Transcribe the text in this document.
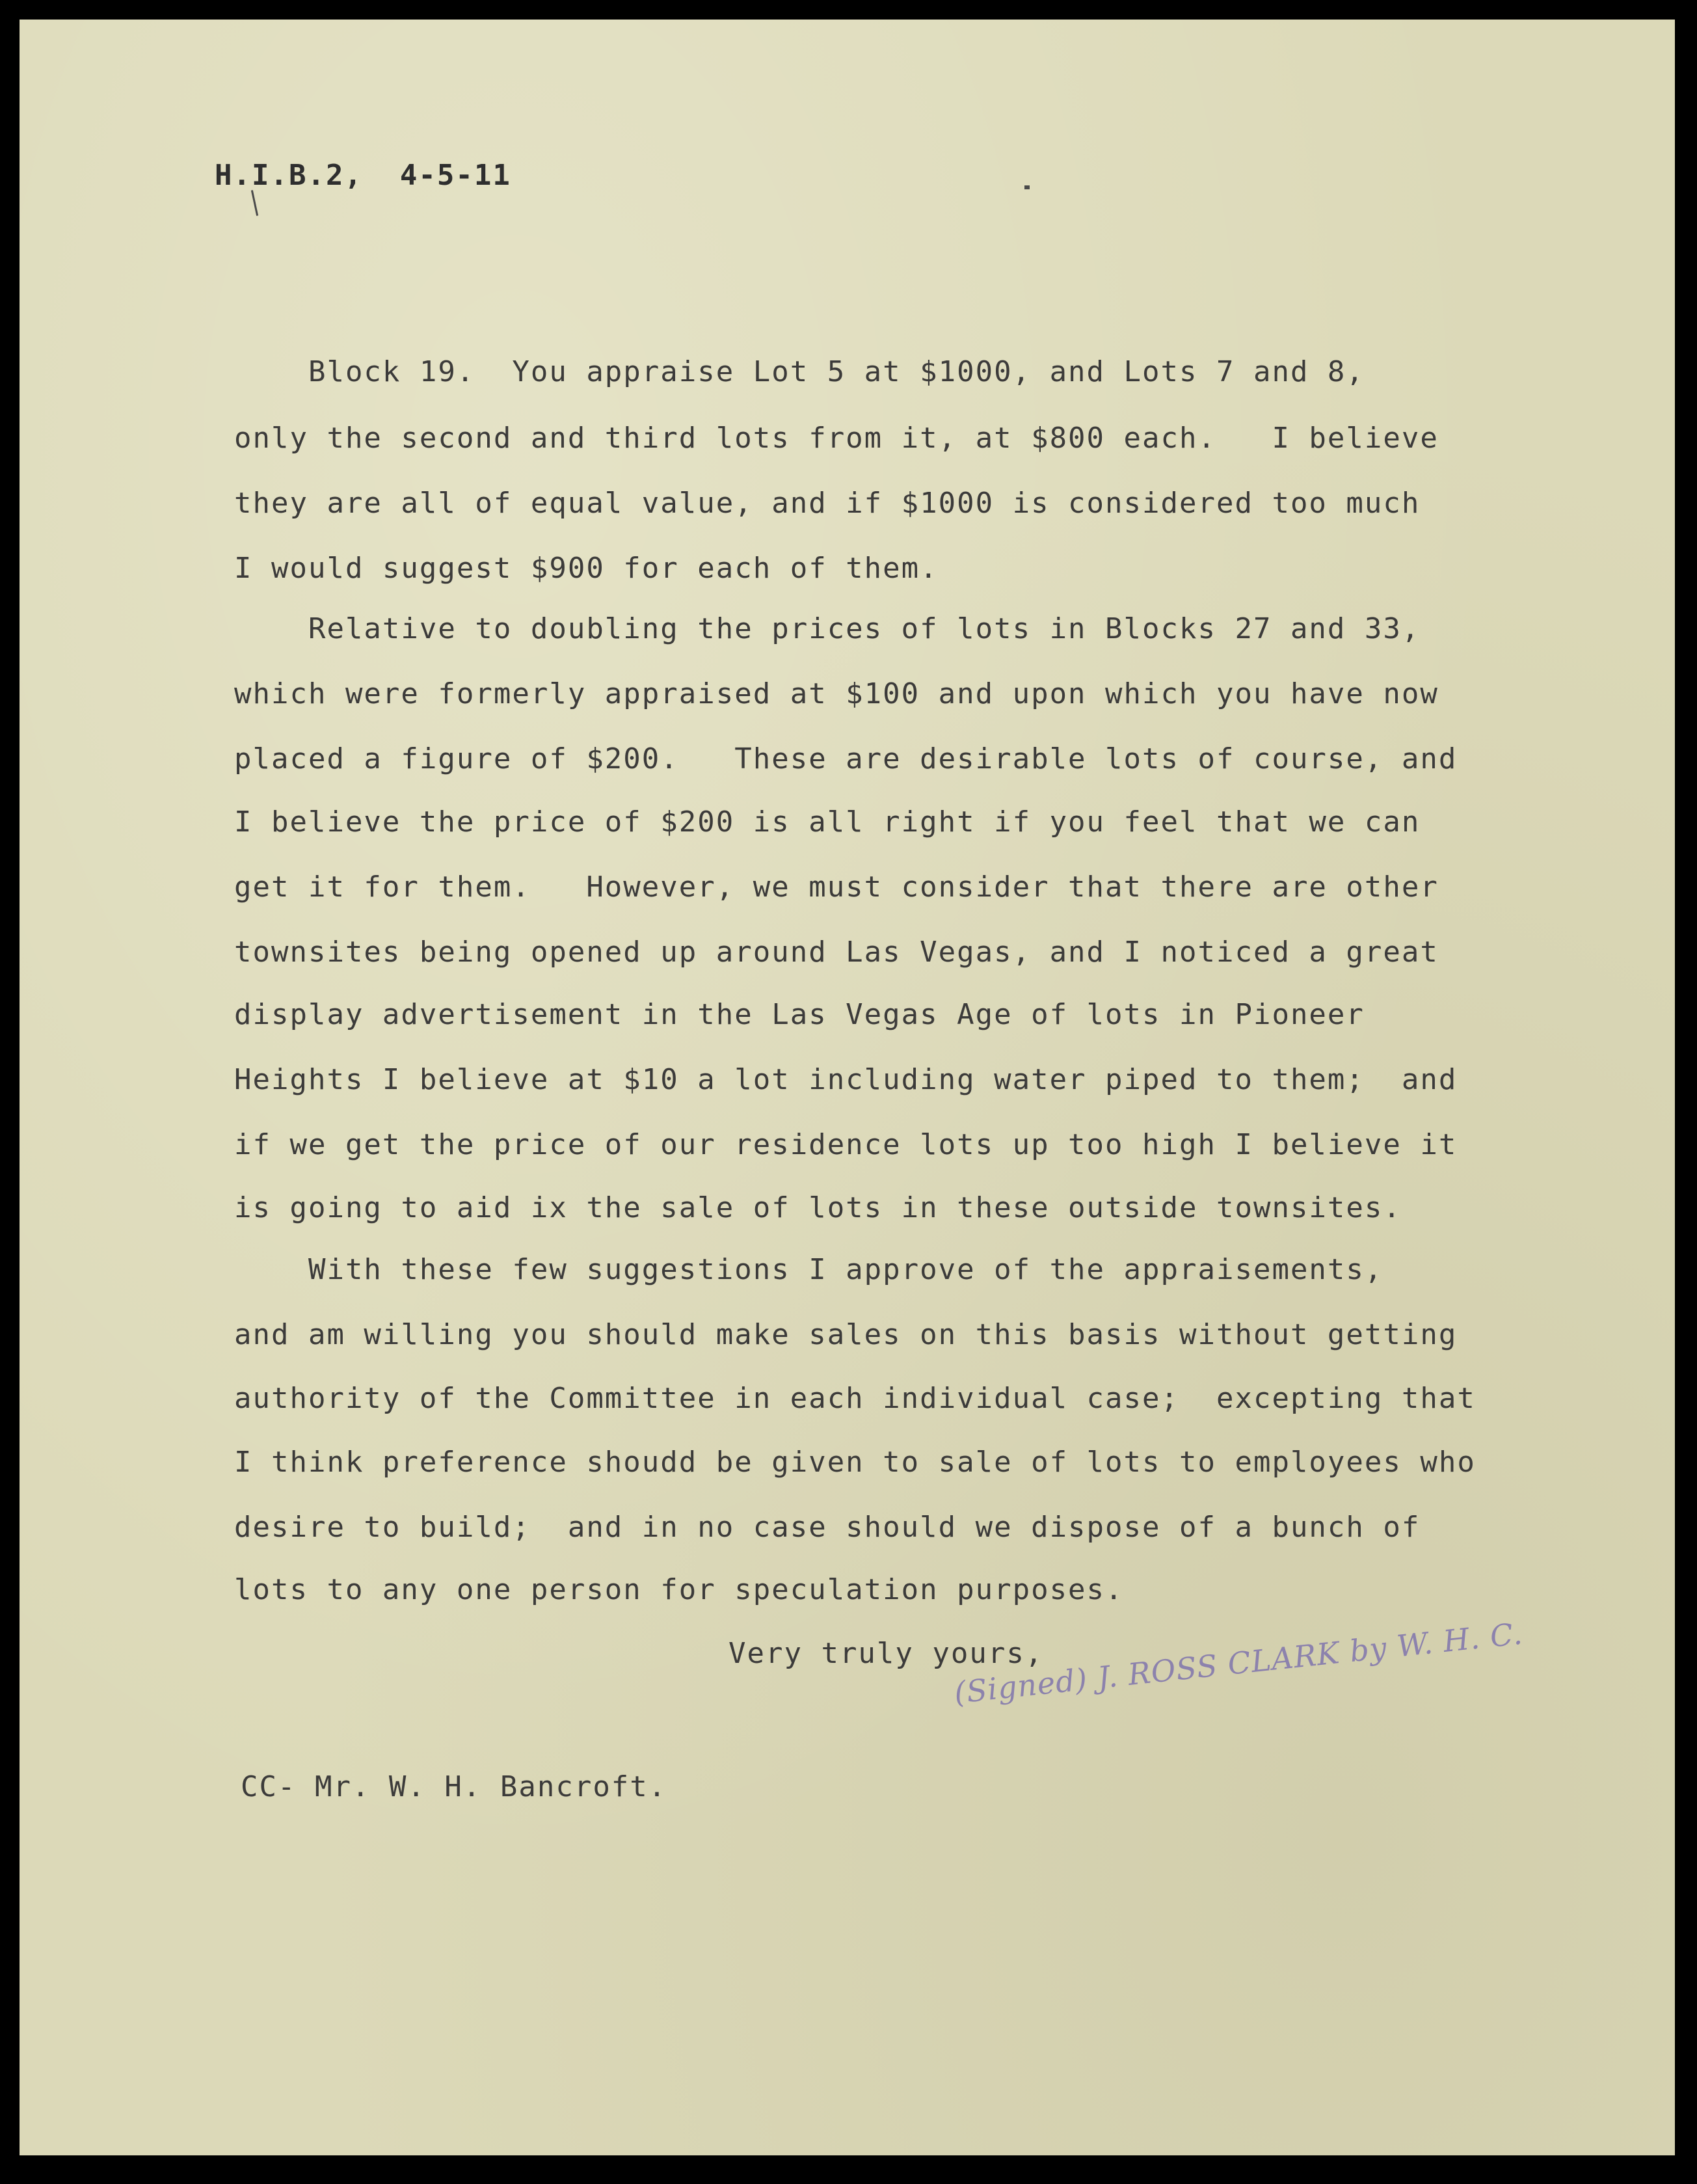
H.I.B.2,  4-5-11
Block 19.  You appraise Lot 5 at $1000, and Lots 7 and 8,
only the second and third lots from it, at $800 each.   I believe
they are all of equal value, and if $1000 is considered too much
I would suggest $900 for each of them.
Relative to doubling the prices of lots in Blocks 27 and 33,
which were formerly appraised at $100 and upon which you have now
placed a figure of $200.   These are desirable lots of course, and
I believe the price of $200 is all right if you feel that we can
get it for them.   However, we must consider that there are other
townsites being opened up around Las Vegas, and I noticed a great
display advertisement in the Las Vegas Age of lots in Pioneer
Heights I believe at $10 a lot including water piped to them;  and
if we get the price of our residence lots up too high I believe it
is going to aid ix the sale of lots in these outside townsites.
With these few suggestions I approve of the appraisements,
and am willing you should make sales on this basis without getting
authority of the Committee in each individual case;  excepting that
I think preference shoudd be given to sale of lots to employees who
desire to build;  and in no case should we dispose of a bunch of
lots to any one person for speculation purposes.
Very truly yours,
(Signed) J. ROSS CLARK by W. H. C.
CC- Mr. W. H. Bancroft.
